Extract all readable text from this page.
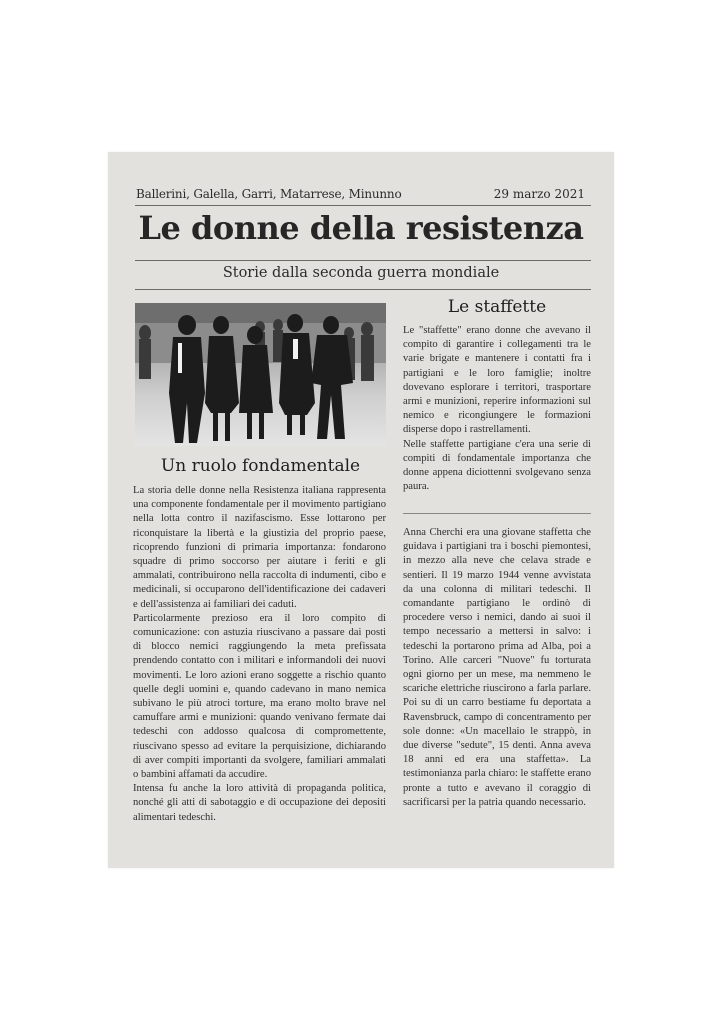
Ballerini, Galella, Garri, Matarrese, Minunno	29 marzo 2021
Le donne della resistenza
Storie dalla seconda guerra mondiale
Un ruolo fondamentale

La storia delle donne nella Resistenza italiana rappresenta una componente fondamentale per il movimento partigiano nella lotta contro il nazifascismo. Esse lottarono per riconquistare la libertà e la giustizia del proprio paese, ricoprendo funzioni di primaria importanza: fondarono squadre di primo soccorso per aiutare i feriti e gli ammalati, contribuirono nella raccolta di indumenti, cibo e medicinali, si occuparono dell'identificazione dei cadaveri e dell'assistenza ai familiari dei caduti.

Particolarmente prezioso era il loro compito di comunicazione: con astuzia riuscivano a passare dai posti di blocco nemici raggiungendo la meta prefissata prendendo contatto con i militari e informandoli dei nuovi movimenti. Le loro azioni erano soggette a rischio quanto quelle degli uomini e, quando cadevano in mano nemica subivano le più atroci torture, ma erano molto brave nel camuffare armi e munizioni: quando venivano fermate dai tedeschi con addosso qualcosa di compromettente, riuscivano spesso ad evitare la perquisizione, dichiarando di aver compiti importanti da svolgere, familiari ammalati o bambini affamati da accudire.

Intensa fu anche la loro attività di propaganda politica, nonché gli atti di sabotaggio e di occupazione dei depositi alimentari tedeschi.

Le staffette

Le "staffette" erano donne che avevano il compito di garantire i collegamenti tra le varie brigate e mantenere i contatti fra i partigiani e le loro famiglie; inoltre dovevano esplorare i territori, trasportare armi e munizioni, reperire informazioni sul nemico e ricongiungere le formazioni disperse dopo i rastrellamenti.

Nelle staffette partigiane c'era una serie di compiti di fondamentale importanza che donne appena diciottenni svolgevano senza paura.

Anna Cherchi era una giovane staffetta che guidava i partigiani tra i boschi piemontesi, in mezzo alla neve che celava strade e sentieri. Il 19 marzo 1944 venne avvistata da una colonna di militari tedeschi. Il comandante partigiano le ordinò di procedere verso i nemici, dando ai suoi il tempo necessario a mettersi in salvo: i tedeschi la portarono prima ad Alba, poi a Torino. Alle carceri "Nuove" fu torturata ogni giorno per un mese, ma nemmeno le scariche elettriche riuscirono a farla parlare. Poi su di un carro bestiame fu deportata a Ravensbruck, campo di concentramento per sole donne: «Un macellaio le strappò, in due diverse "sedute", 15 denti. Anna aveva 18 anni ed era una staffetta». La testimonianza parla chiaro: le staffette erano pronte a tutto e avevano il coraggio di sacrificarsi per la patria quando necessario.
